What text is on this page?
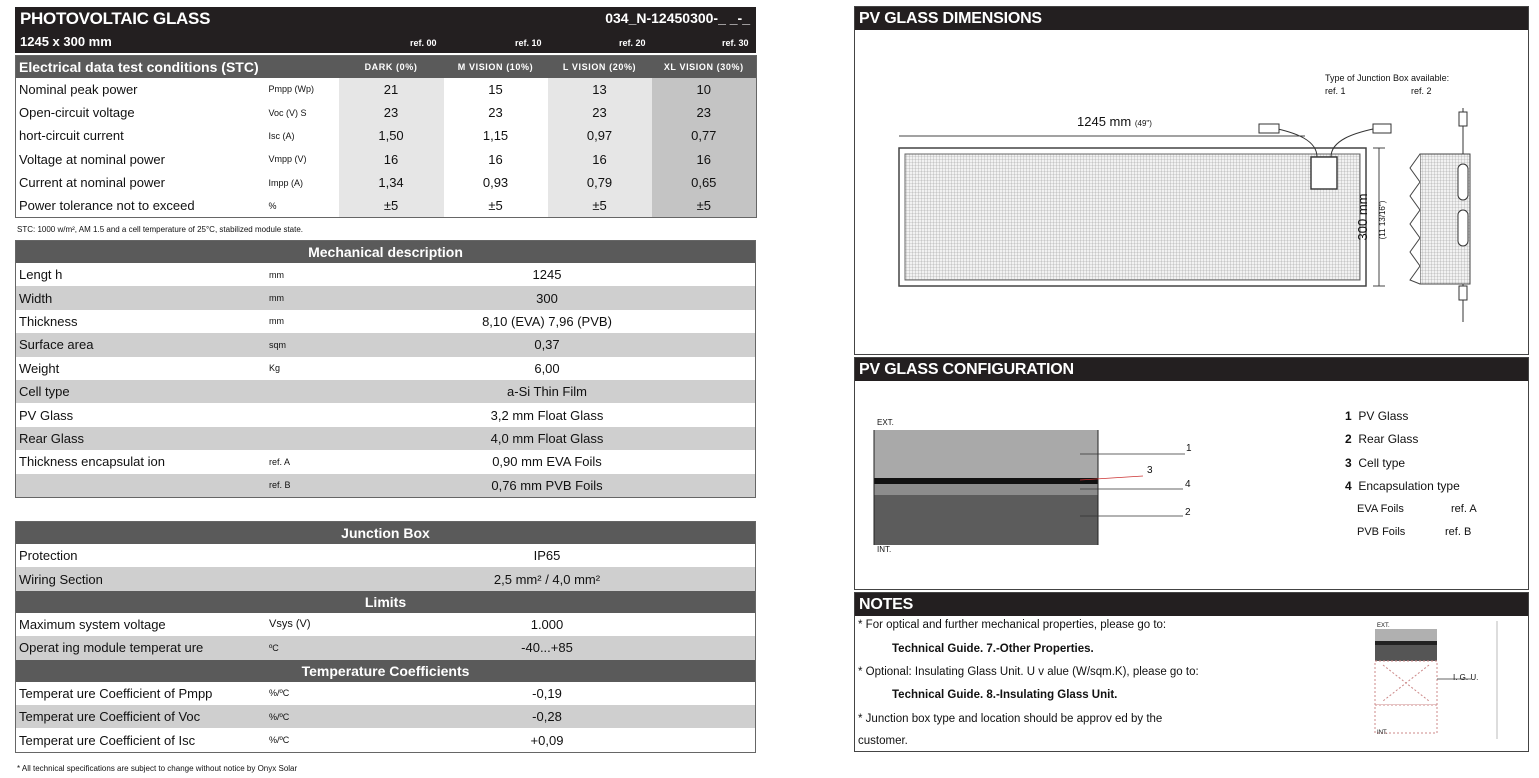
PHOTOVOLTAIC GLASS	034_N-12450300-_ _-_
1245 x 300 mm	ref. 00	ref. 10	ref. 20	ref. 30
Electrical data test conditions (STC)		DARK (0%)	M VISION (10%)	L VISION (20%)	XL VISION (30%)
Nominal peak power	Pmpp (Wp)	21	15	13	10
Open-circuit voltage	Voc (V) S	23	23	23	23
hort-circuit current	Isc (A)	1,50	1,15	0,97	0,77
Voltage at nominal power	Vmpp (V)	16	16	16	16
Current at nominal power	Impp (A)	1,34	0,93	0,79	0,65
Power tolerance not to exceed	%	±5	±5	±5	±5
STC: 1000 w/m², AM 1.5 and a cell temperature of 25°C, stabilized module state.
Mechanical description
Lengt h	mm	1245
Width	mm	300
Thickness	mm	8,10 (EVA) 7,96 (PVB)
Surface area	sqm	0,37
Weight	Kg	6,00
Cell type		a-Si Thin Film
PV Glass		3,2 mm Float Glass
Rear Glass		4,0 mm Float Glass
Thickness encapsulat ion	ref. A	0,90 mm EVA Foils
	ref. B	0,76 mm PVB Foils
Junction Box
Protection		IP65
Wiring Section		2,5 mm² / 4,0 mm²
Limits
Maximum system voltage	Vsys (V)	1.000
Operat ing module temperat ure	ºC	-40...+85
Temperature Coefficients
Temperat ure Coefficient of Pmpp	%/ºC	-0,19
Temperat ure Coefficient of Voc	%/ºC	-0,28
Temperat ure Coefficient of Isc	%/ºC	+0,09
* All technical specifications are subject to change without notice by Onyx Solar
PV GLASS DIMENSIONS
300 mm (11 13/16")
Type of Junction Box available:
ref. 1	ref. 2
1245 mm (49")
PV GLASS CONFIGURATION
EXT.
INT.
1
3
4
2
1 PV Glass
2 Rear Glass
3 Cell type
4 Encapsulation type
EVA Foils	ref. A
PVB Foils	ref. B
NOTES
* For optical and further mechanical properties, please go to:
Technical Guide. 7.-Other Properties.
* Optional: Insulating Glass Unit. U v alue (W/sqm.K), please go to:
Technical Guide. 8.-Insulating Glass Unit.
* Junction box type and location should be approv ed by the
customer.
EXT.
INT.
I. G. U.
